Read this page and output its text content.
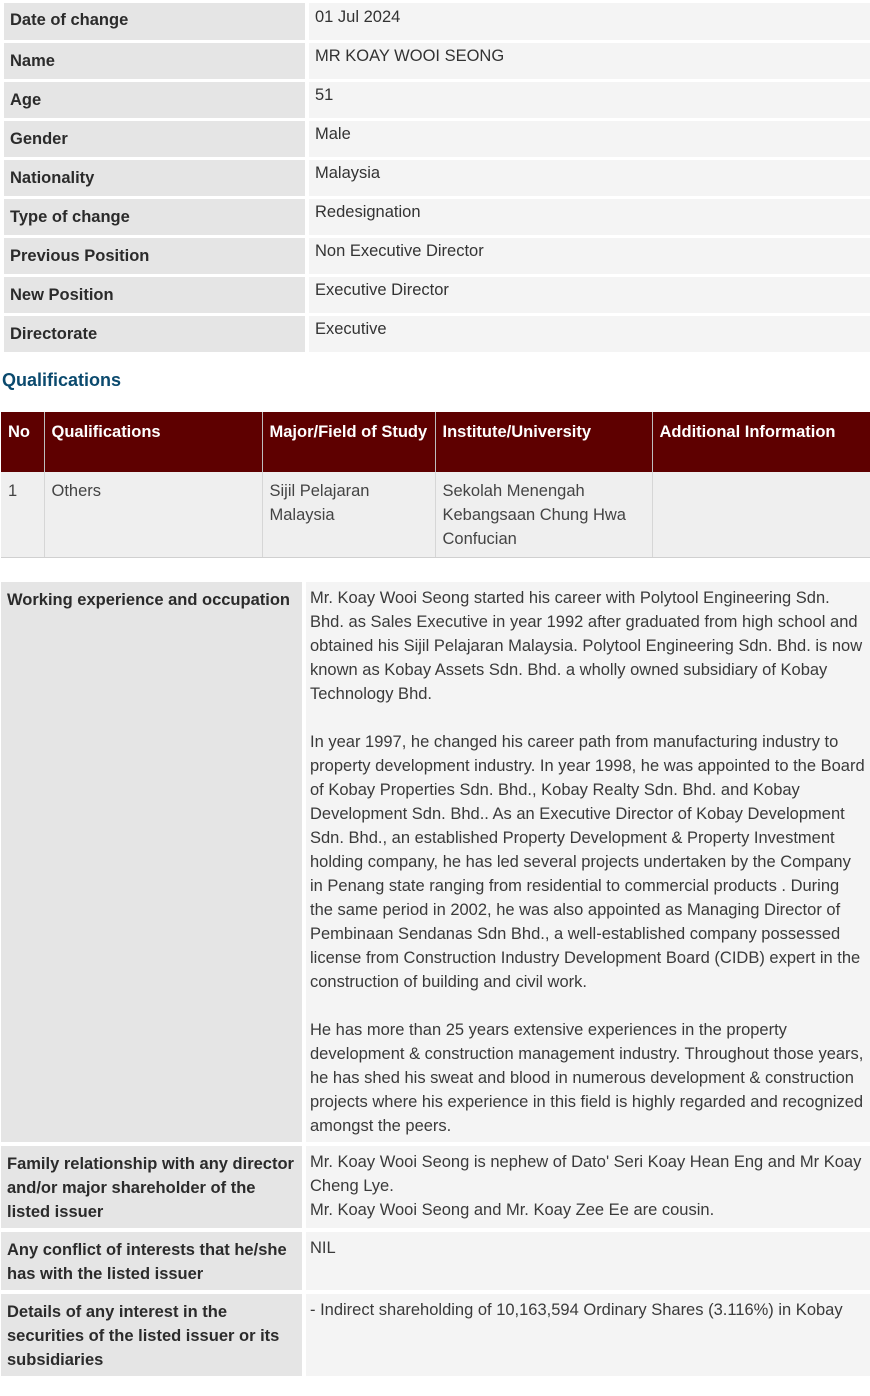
Date of change	01 Jul 2024
Name	MR KOAY WOOI SEONG
Age	51
Gender	Male
Nationality	Malaysia
Type of change	Redesignation
Previous Position	Non Executive Director
New Position	Executive Director
Directorate	Executive
Qualifications
No	Qualifications	Major/Field of Study	Institute/University	Additional Information
1	Others	Sijil Pelajaran Malaysia	Sekolah Menengah Kebangsaan Chung Hwa Confucian	
Working experience and occupation	Mr. Koay Wooi Seong started his career with Polytool Engineering Sdn. Bhd. as Sales Executive in year 1992 after graduated from high school and obtained his Sijil Pelajaran Malaysia. Polytool Engineering Sdn. Bhd. is now known as Kobay Assets Sdn. Bhd. a wholly owned subsidiary of Kobay Technology Bhd.

In year 1997, he changed his career path from manufacturing industry to property development industry. In year 1998, he was appointed to the Board of Kobay Properties Sdn. Bhd., Kobay Realty Sdn. Bhd. and Kobay Development Sdn. Bhd.. As an Executive Director of Kobay Development Sdn. Bhd., an established Property Development & Property Investment holding company, he has led several projects undertaken by the Company in Penang state ranging from residential to commercial products . During the same period in 2002, he was also appointed as Managing Director of Pembinaan Sendanas Sdn Bhd., a well-established company possessed license from Construction Industry Development Board (CIDB) expert in the construction of building and civil work.

He has more than 25 years extensive experiences in the property development & construction management industry. Throughout those years, he has shed his sweat and blood in numerous development & construction projects where his experience in this field is highly regarded and recognized amongst the peers.

Family relationship with any director and/or major shareholder of the listed issuer	Mr. Koay Wooi Seong is nephew of Dato' Seri Koay Hean Eng and Mr Koay Cheng Lye.
Mr. Koay Wooi Seong and Mr. Koay Zee Ee are cousin.

Any conflict of interests that he/she has with the listed issuer	NIL
Details of any interest in the securities of the listed issuer or its subsidiaries	- Indirect shareholding of 10,163,594 Ordinary Shares (3.116%) in Kobay
